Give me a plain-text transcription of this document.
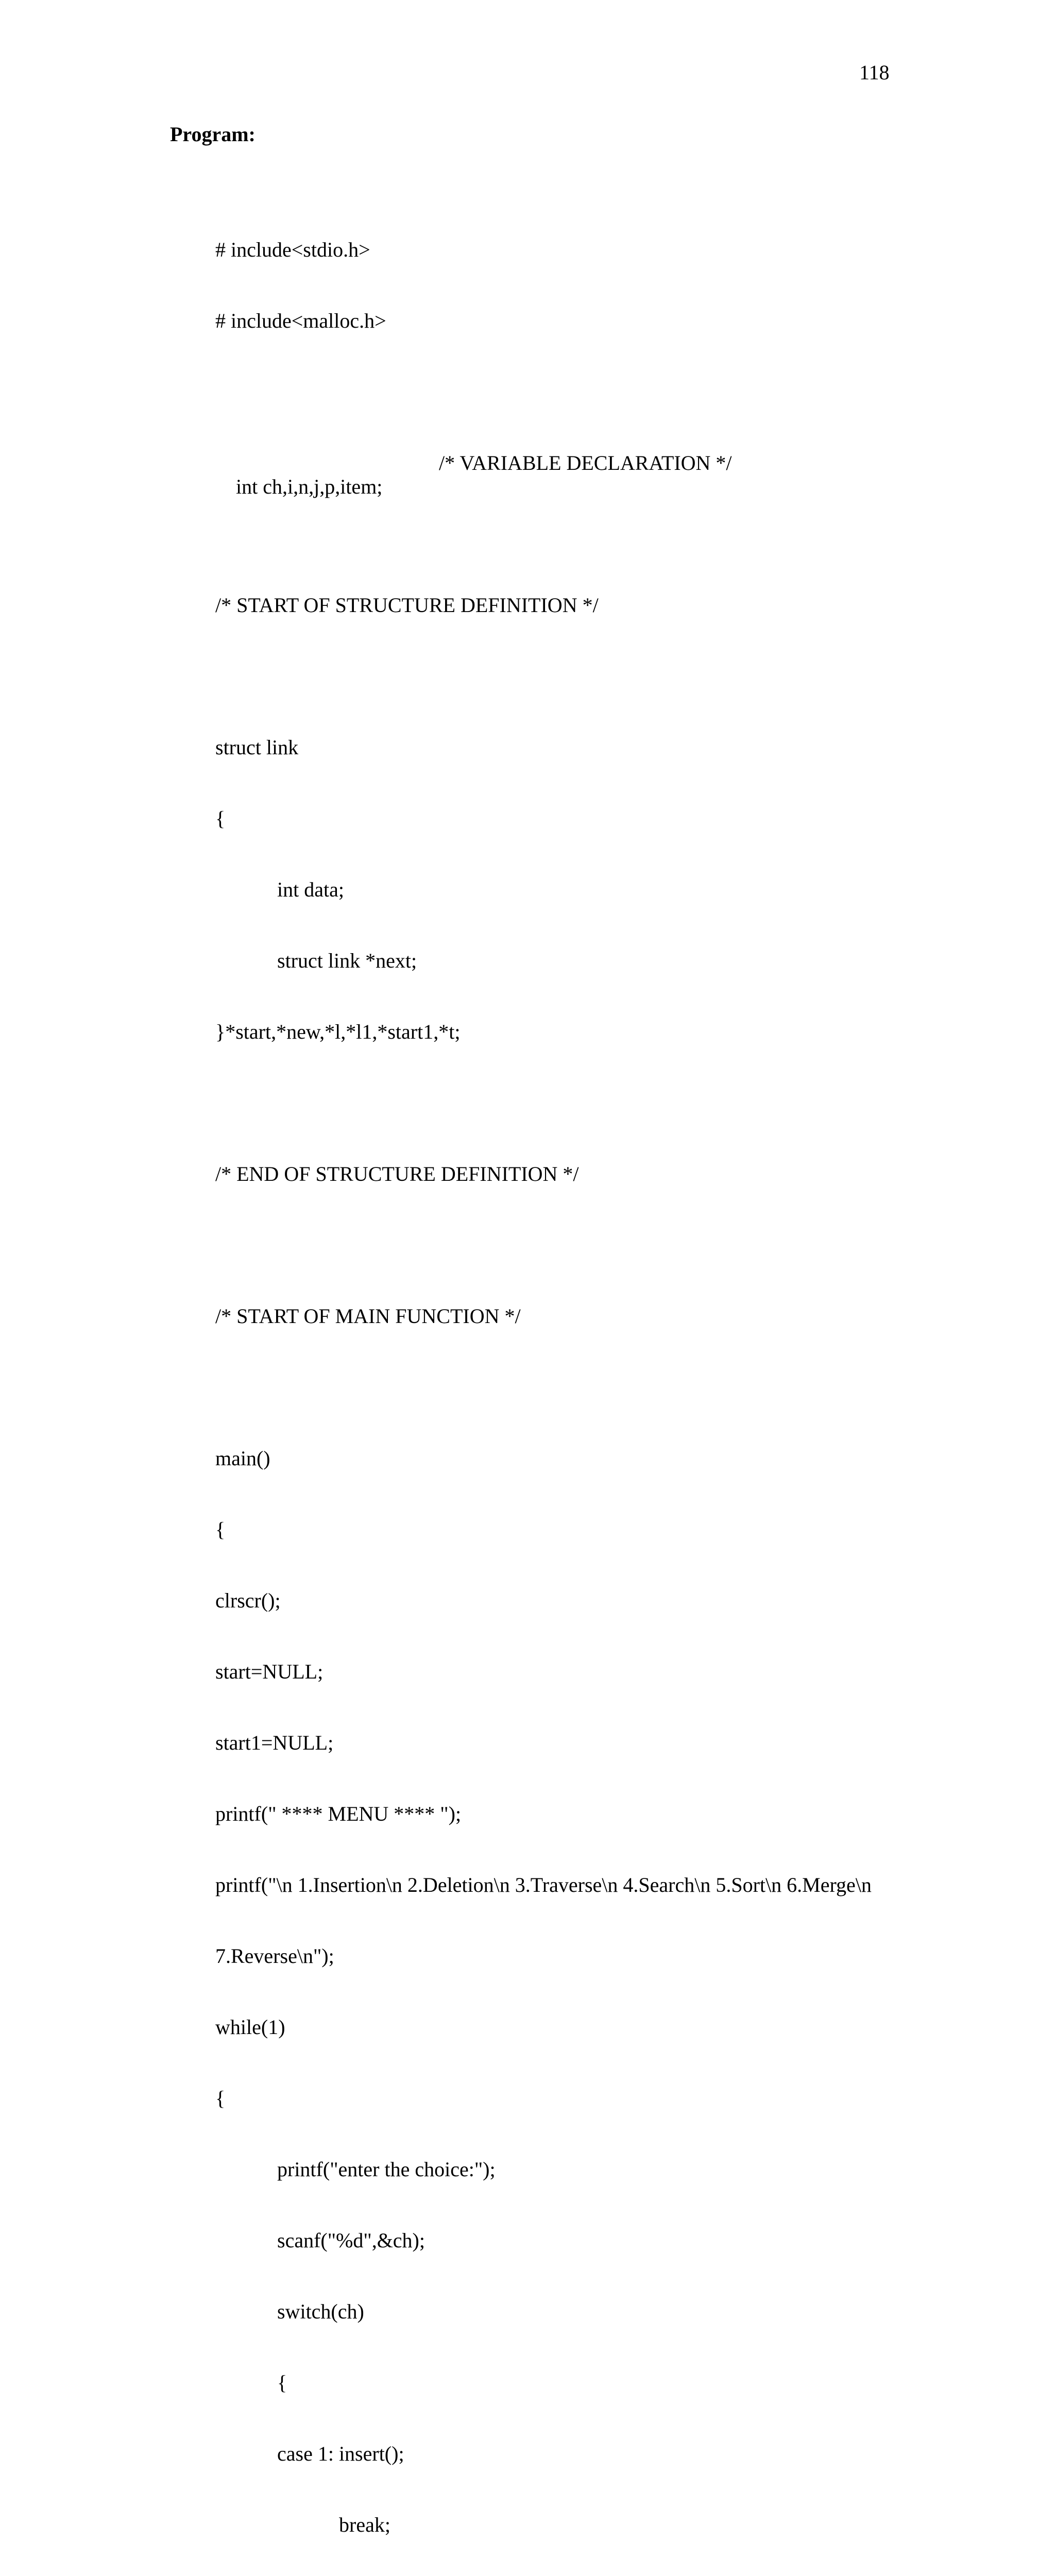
118
Program:

# include<stdio.h>

# include<malloc.h>

int ch,i,n,j,p,item;

/* VARIABLE DECLARATION */

/* START OF STRUCTURE DEFINITION */

struct link

{

int data;

struct link *next;

}*start,*new,*l,*l1,*start1,*t;

/* END OF STRUCTURE DEFINITION */

/* START OF MAIN FUNCTION */

main()

{

clrscr();

start=NULL;

start1=NULL;

printf(" **** MENU **** ");

printf("\n 1.Insertion\n 2.Deletion\n 3.Traverse\n 4.Search\n 5.Sort\n 6.Merge\n

7.Reverse\n");

while(1)

{

printf("enter the choice:");

scanf("%d",&ch);

switch(ch)

{

case 1: insert();

break;
